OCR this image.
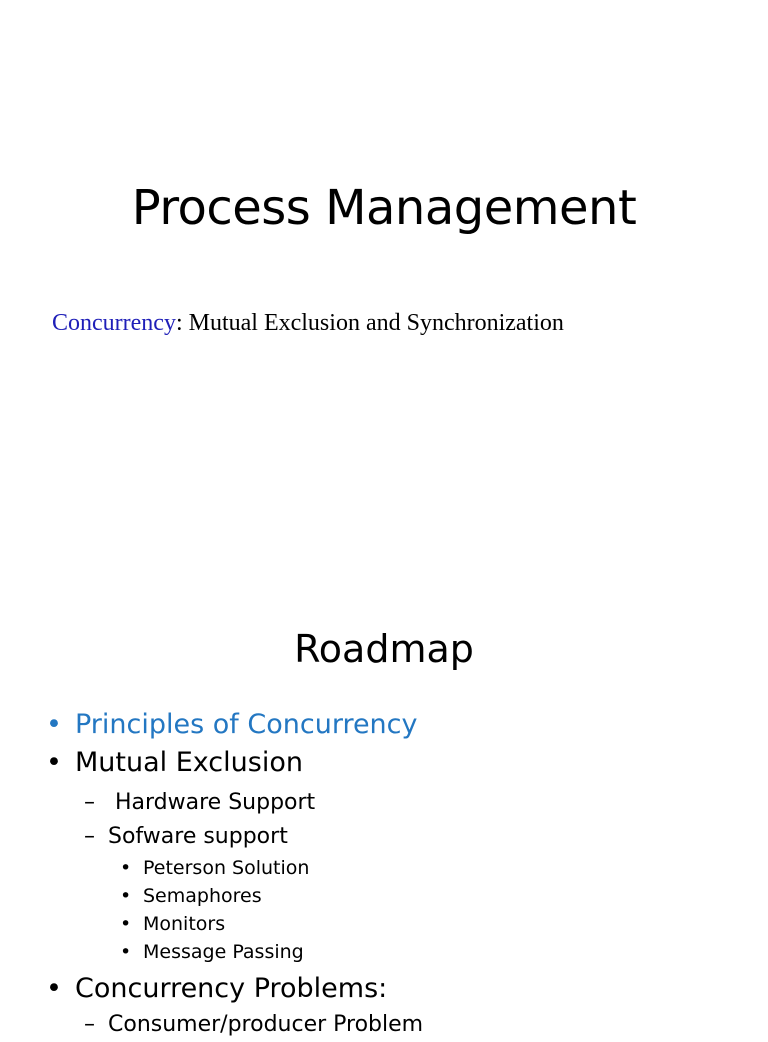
Process Management
Concurrency: Mutual Exclusion and Synchronization
Roadmap
• Principles of Concurrency
• Mutual Exclusion
– Hardware Support
– Sofware support
• Peterson Solution
• Semaphores
• Monitors
• Message Passing
• Concurrency Problems:
– Consumer/producer Problem
